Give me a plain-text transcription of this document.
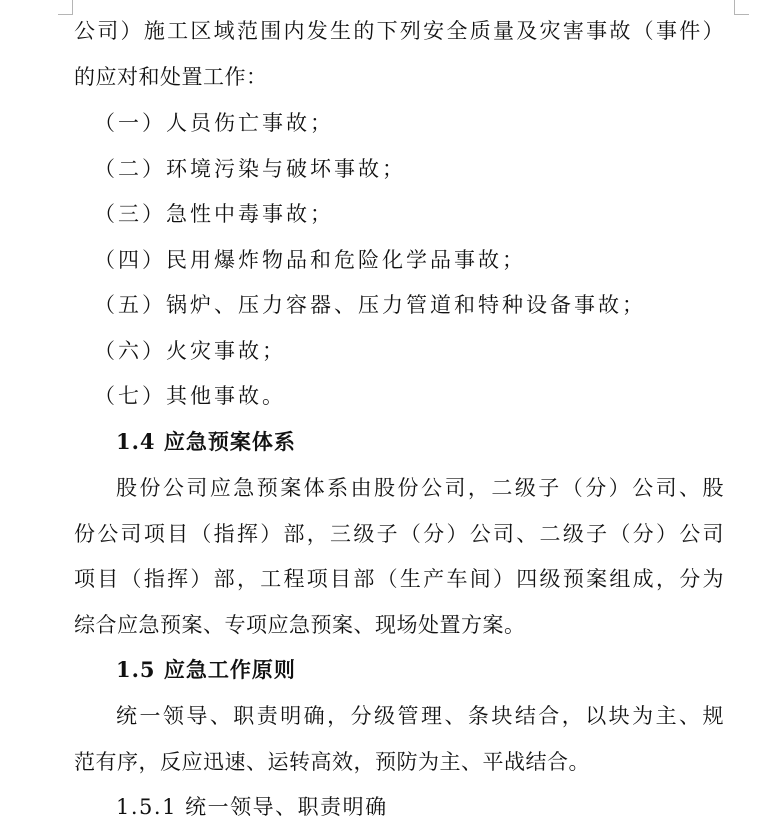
公司）施工区域范围内发生的下列安全质量及灾害事故（事件）
的应对和处置工作：
（一）人员伤亡事故；
（二）环境污染与破坏事故；
（三）急性中毒事故；
（四）民用爆炸物品和危险化学品事故；
（五）锅炉、压力容器、压力管道和特种设备事故；
（六）火灾事故；
（七）其他事故。
1.4 应急预案体系
股份公司应急预案体系由股份公司，二级子（分）公司、股
份公司项目（指挥）部，三级子（分）公司、二级子（分）公司
项目（指挥）部，工程项目部（生产车间）四级预案组成，分为
综合应急预案、专项应急预案、现场处置方案。
1.5 应急工作原则
统一领导、职责明确，分级管理、条块结合，以块为主、规
范有序，反应迅速、运转高效，预防为主、平战结合。
1.5.1 统一领导、职责明确
